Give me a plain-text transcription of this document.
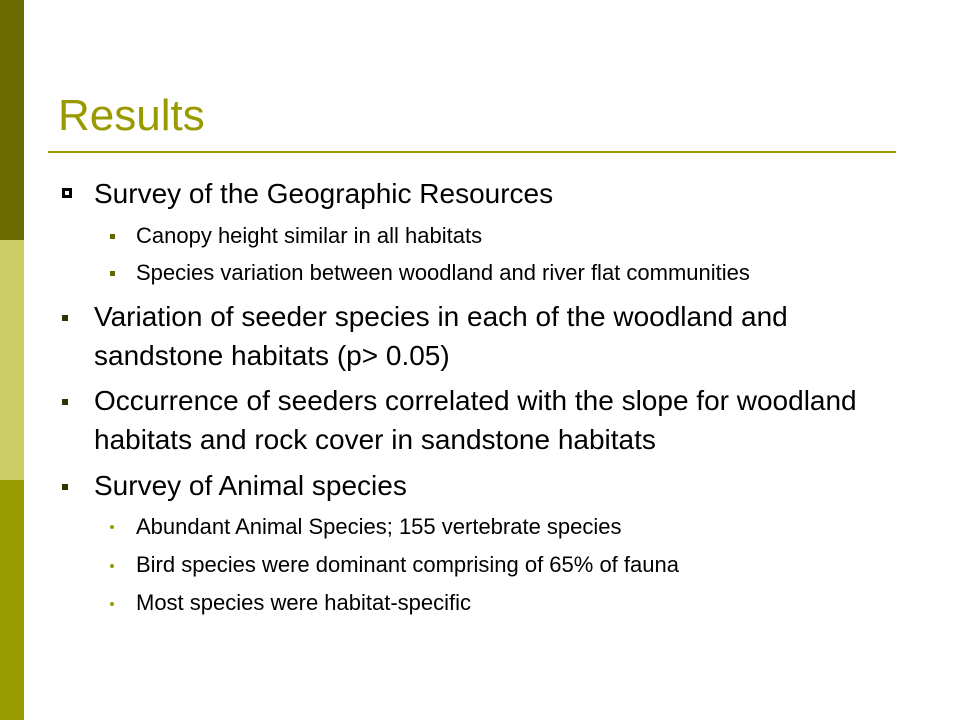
Results
Survey of the Geographic Resources
Canopy height similar in all habitats
Species variation between woodland and river flat communities
Variation of seeder species in each of the woodland and sandstone habitats (p> 0.05)
Occurrence of seeders correlated with the slope for woodland habitats and rock cover in sandstone habitats
Survey of Animal species
Abundant Animal Species; 155 vertebrate species
Bird species were dominant comprising of 65% of fauna
Most species were habitat-specific
